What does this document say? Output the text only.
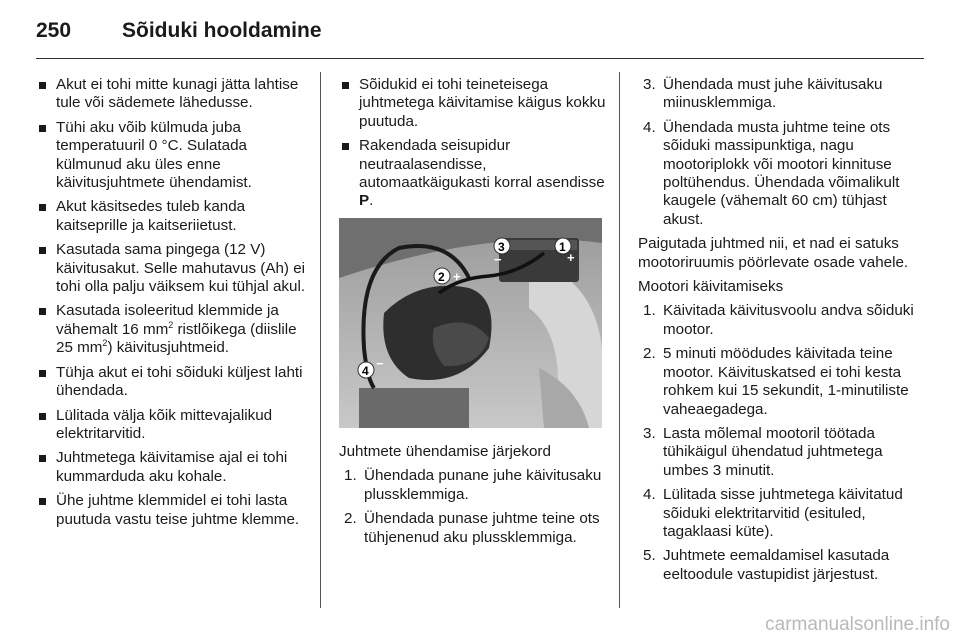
250	Sõiduki hooldamine
Akut ei tohi mitte kunagi jätta lahtise tule või sädemete lähedusse.
Tühi aku võib külmuda juba temperatuuril 0 °C. Sulatada külmunud aku üles enne käivitusjuhtmete ühendamist.
Akut käsitsedes tuleb kanda kaitseprille ja kaitseriietust.
Kasutada sama pingega (12 V) käivitusakut. Selle mahutavus (Ah) ei tohi olla palju väiksem kui tühjal akul.
Kasutada isoleeritud klemmide ja vähemalt 16 $mm^2$ ristlõikega (diislile 25 $mm^2$) käivitusjuhtmeid.
Tühja akut ei tohi sõiduki küljest lahti ühendada.
Lülitada välja kõik mittevajalikud elektritarvitid.
Juhtmetega käivitamise ajal ei tohi kummarduda aku kohale.
Ühe juhtme klemmidel ei tohi lasta puutuda vastu teise juhtme klemme.
Sõidukid ei tohi teineteisega juhtmetega käivitamise käigus kokku puutuda.
Rakendada seisupidur neutraalasendisse, automaatkäigukasti korral asendisse P.
3
−
1
+
2 +
4 −

Juhtmete ühendamise järjekord

1. Ühendada punane juhe käivitusaku plussklemmiga.
2. Ühendada punase juhtme teine ots tühjenenud aku plussklemmiga.
3. Ühendada must juhe käivitusaku miinusklemmiga.
4. Ühendada musta juhtme teine ots sõiduki massipunktiga, nagu mootoriplokk või mootori kinnituse poltühendus. Ühendada võimalikult kaugele (vähemalt 60 cm) tühjast akust.

Paigutada juhtmed nii, et nad ei satuks mootoriruumis pöörlevate osade vahele.

Mootori käivitamiseks

1. Käivitada käivitusvoolu andva sõiduki mootor.
2. 5 minuti möödudes käivitada teine mootor. Käivituskatsed ei tohi kesta rohkem kui 15 sekundit, 1-minutiliste vaheaegadega.
3. Lasta mõlemal mootoril töötada tühikäigul ühendatud juhtmetega umbes 3 minutit.
4. Lülitada sisse juhtmetega käivitatud sõiduki elektritarvitid (esituled, tagaklaasi küte).
5. Juhtmete eemaldamisel kasutada eeltoodule vastupidist järjestust.
carmanualsonline.info
